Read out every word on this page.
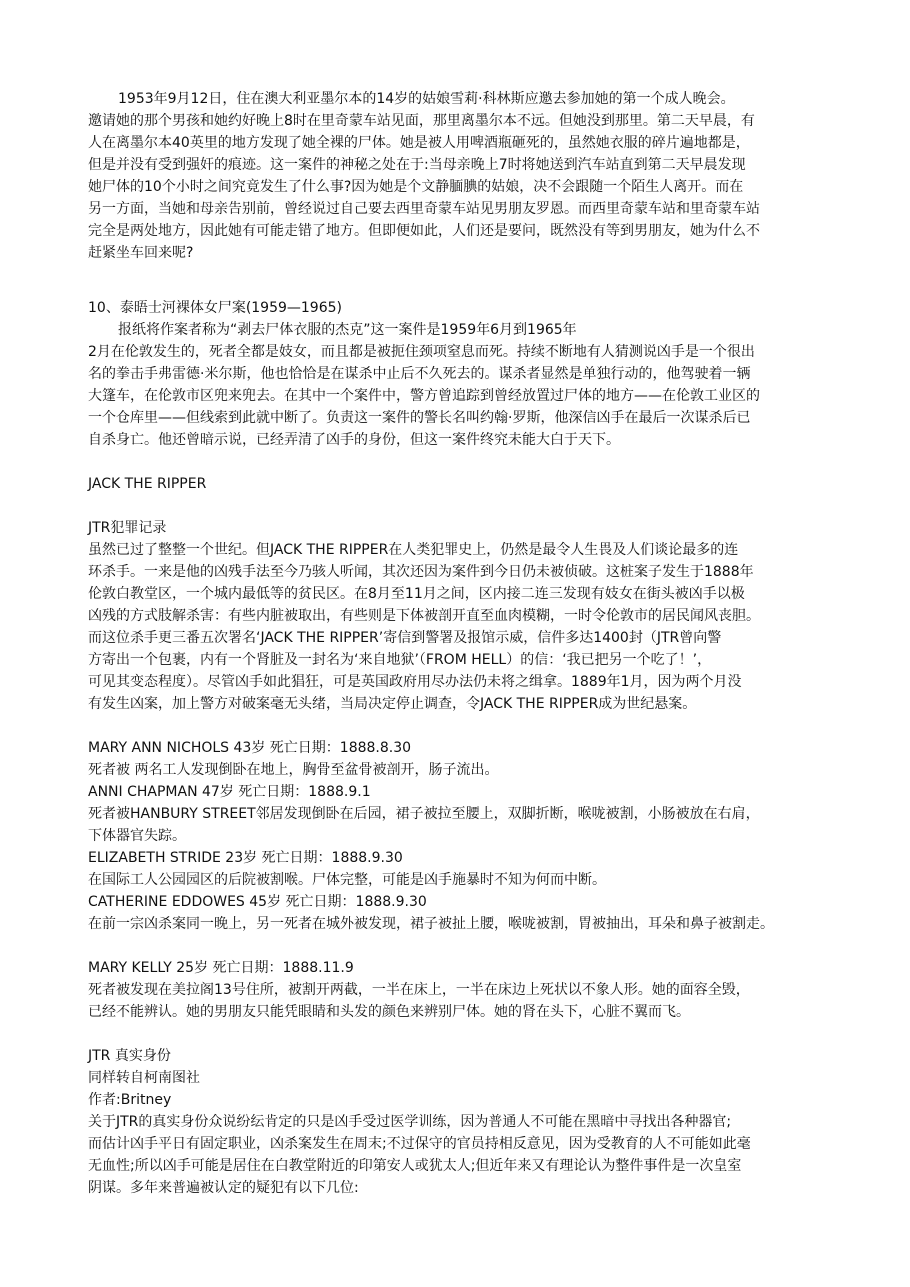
1953年9月12日，住在澳大利亚墨尔本的14岁的姑娘雪莉·科林斯应邀去参加她的第一个成人晚会。
邀请她的那个男孩和她约好晚上8时在里奇蒙车站见面，那里离墨尔本不远。但她没到那里。第二天早晨，有
人在离墨尔本40英里的地方发现了她全裸的尸体。她是被人用啤酒瓶砸死的，虽然她衣服的碎片遍地都是，
但是并没有受到强奸的痕迹。这一案件的神秘之处在于:当母亲晚上7时将她送到汽车站直到第二天早晨发现
她尸体的10个小时之间究竟发生了什么事?因为她是个文静腼腆的姑娘，决不会跟随一个陌生人离开。而在
另一方面，当她和母亲告别前，曾经说过自己要去西里奇蒙车站见男朋友罗恩。而西里奇蒙车站和里奇蒙车站
完全是两处地方，因此她有可能走错了地方。但即便如此，人们还是要问，既然没有等到男朋友，她为什么不
赶紧坐车回来呢?
10、泰晤士河裸体女尸案(1959—1965)
报纸将作案者称为“剥去尸体衣服的杰克”这一案件是1959年6月到1965年
2月在伦敦发生的，死者全都是妓女，而且都是被扼住颈项窒息而死。持续不断地有人猜测说凶手是一个很出
名的拳击手弗雷德·米尔斯，他也恰恰是在谋杀中止后不久死去的。谋杀者显然是单独行动的，他驾驶着一辆
大篷车，在伦敦市区兜来兜去。在其中一个案件中，警方曾追踪到曾经放置过尸体的地方——在伦敦工业区的
一个仓库里——但线索到此就中断了。负责这一案件的警长名叫约翰·罗斯，他深信凶手在最后一次谋杀后已
自杀身亡。他还曾暗示说，已经弄清了凶手的身份，但这一案件终究未能大白于天下。
JACK THE RIPPER
JTR犯罪记录
虽然已过了整整一个世纪。但JACK THE RIPPER在人类犯罪史上，仍然是最令人生畏及人们谈论最多的连
环杀手。一来是他的凶残手法至今乃骇人听闻，其次还因为案件到今日仍未被侦破。这桩案子发生于1888年
伦敦白教堂区，一个城内最低等的贫民区。在8月至11月之间，区内接二连三发现有妓女在街头被凶手以极
凶残的方式肢解杀害：有些内脏被取出，有些则是下体被剖开直至血肉模糊，一时令伦敦市的居民闻风丧胆。
而这位杀手更三番五次署名‘JACK THE RIPPER’寄信到警署及报馆示威，信件多达1400封（JTR曾向警
方寄出一个包裹，内有一个肾脏及一封名为‘来自地狱’（FROM HELL）的信：‘我已把另一个吃了！’，
可见其变态程度）。尽管凶手如此猖狂，可是英国政府用尽办法仍未将之缉拿。1889年1月，因为两个月没
有发生凶案，加上警方对破案毫无头绪，当局决定停止调查，令JACK THE RIPPER成为世纪悬案。
MARY ANN NICHOLS 43岁 死亡日期：1888.8.30
死者被 两名工人发现倒卧在地上，胸骨至盆骨被剖开，肠子流出。
ANNI CHAPMAN 47岁 死亡日期：1888.9.1
死者被HANBURY STREET邻居发现倒卧在后园，裙子被拉至腰上，双脚折断，喉咙被割，小肠被放在右肩，
下体器官失踪。
ELIZABETH STRIDE 23岁 死亡日期：1888.9.30
在国际工人公园园区的后院被割喉。尸体完整，可能是凶手施暴时不知为何而中断。
CATHERINE EDDOWES 45岁 死亡日期：1888.9.30
在前一宗凶杀案同一晚上，另一死者在城外被发现，裙子被扯上腰，喉咙被割，胃被抽出，耳朵和鼻子被割走。
MARY KELLY 25岁 死亡日期：1888.11.9
死者被发现在美拉阁13号住所，被割开两截，一半在床上，一半在床边上死状以不象人形。她的面容全毁，
已经不能辨认。她的男朋友只能凭眼睛和头发的颜色来辨别尸体。她的肾在头下，心脏不翼而飞。
JTR 真实身份
同样转自柯南图社
作者:Britney
关于JTR的真实身份众说纷纭肯定的只是凶手受过医学训练，因为普通人不可能在黑暗中寻找出各种器官;
而估计凶手平日有固定职业，凶杀案发生在周末;不过保守的官员持相反意见，因为受教育的人不可能如此毫
无血性;所以凶手可能是居住在白教堂附近的印第安人或犹太人;但近年来又有理论认为整件事件是一次皇室
阴谋。多年来普遍被认定的疑犯有以下几位:
